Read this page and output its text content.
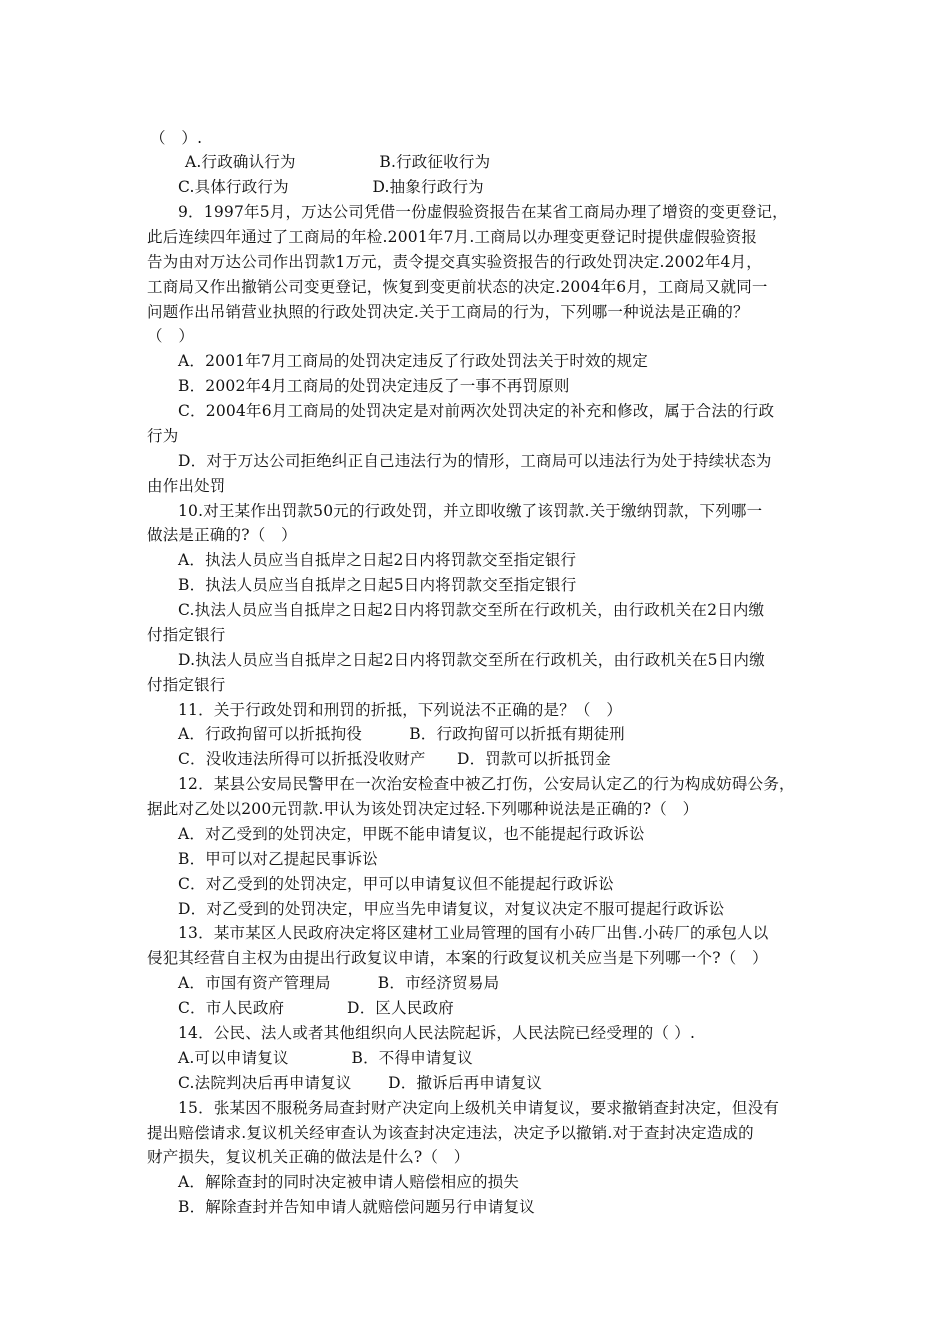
（　）.
A.行政确认行为　　　　　 B.行政征收行为
C.具体行政行为　　　　　 D.抽象行政行为
9．1997年5月，万达公司凭借一份虚假验资报告在某省工商局办理了增资的变更登记，
此后连续四年通过了工商局的年检.2001年7月.工商局以办理变更登记时提供虚假验资报
告为由对万达公司作出罚款1万元，责令提交真实验资报告的行政处罚决定.2002年4月，
工商局又作出撤销公司变更登记，恢复到变更前状态的决定.2004年6月，工商局又就同一
问题作出吊销营业执照的行政处罚决定.关于工商局的行为，下列哪一种说法是正确的？
（　）
A．2001年7月工商局的处罚决定违反了行政处罚法关于时效的规定
B．2002年4月工商局的处罚决定违反了一事不再罚原则
C．2004年6月工商局的处罚决定是对前两次处罚决定的补充和修改，属于合法的行政
行为
D．对于万达公司拒绝纠正自己违法行为的情形，工商局可以违法行为处于持续状态为
由作出处罚
10.对王某作出罚款50元的行政处罚，并立即收缴了该罚款.关于缴纳罚款，下列哪一
做法是正确的?（　）
A．执法人员应当自抵岸之日起2日内将罚款交至指定银行
B．执法人员应当自抵岸之日起5日内将罚款交至指定银行
C.执法人员应当自抵岸之日起2日内将罚款交至所在行政机关，由行政机关在2日内缴
付指定银行
D.执法人员应当自抵岸之日起2日内将罚款交至所在行政机关，由行政机关在5日内缴
付指定银行
11．关于行政处罚和刑罚的折抵，下列说法不正确的是？（　）
A．行政拘留可以折抵拘役　　　B．行政拘留可以折抵有期徒刑
C．没收违法所得可以折抵没收财产　　D．罚款可以折抵罚金
12．某县公安局民警甲在一次治安检查中被乙打伤，公安局认定乙的行为构成妨碍公务，
据此对乙处以200元罚款.甲认为该处罚决定过轻.下列哪种说法是正确的?（　）
A．对乙受到的处罚决定，甲既不能申请复议，也不能提起行政诉讼
B．甲可以对乙提起民事诉讼
C．对乙受到的处罚决定，甲可以申请复议但不能提起行政诉讼
D．对乙受到的处罚决定，甲应当先申请复议，对复议决定不服可提起行政诉讼
13．某市某区人民政府决定将区建材工业局管理的国有小砖厂出售.小砖厂的承包人以
侵犯其经营自主权为由提出行政复议申请，本案的行政复议机关应当是下列哪一个?（　）
A．市国有资产管理局　　　B．市经济贸易局
C．市人民政府　　　　D．区人民政府
14．公民、法人或者其他组织向人民法院起诉，人民法院已经受理的（ ）.
A.可以申请复议　　　　B．不得申请复议
C.法院判决后再申请复议　　 D．撤诉后再申请复议
15．张某因不服税务局查封财产决定向上级机关申请复议，要求撤销查封决定，但没有
提出赔偿请求.复议机关经审查认为该查封决定违法，决定予以撤销.对于查封决定造成的
财产损失，复议机关正确的做法是什么?（　）
A．解除查封的同时决定被申请人赔偿相应的损失
B．解除查封并告知申请人就赔偿问题另行申请复议
